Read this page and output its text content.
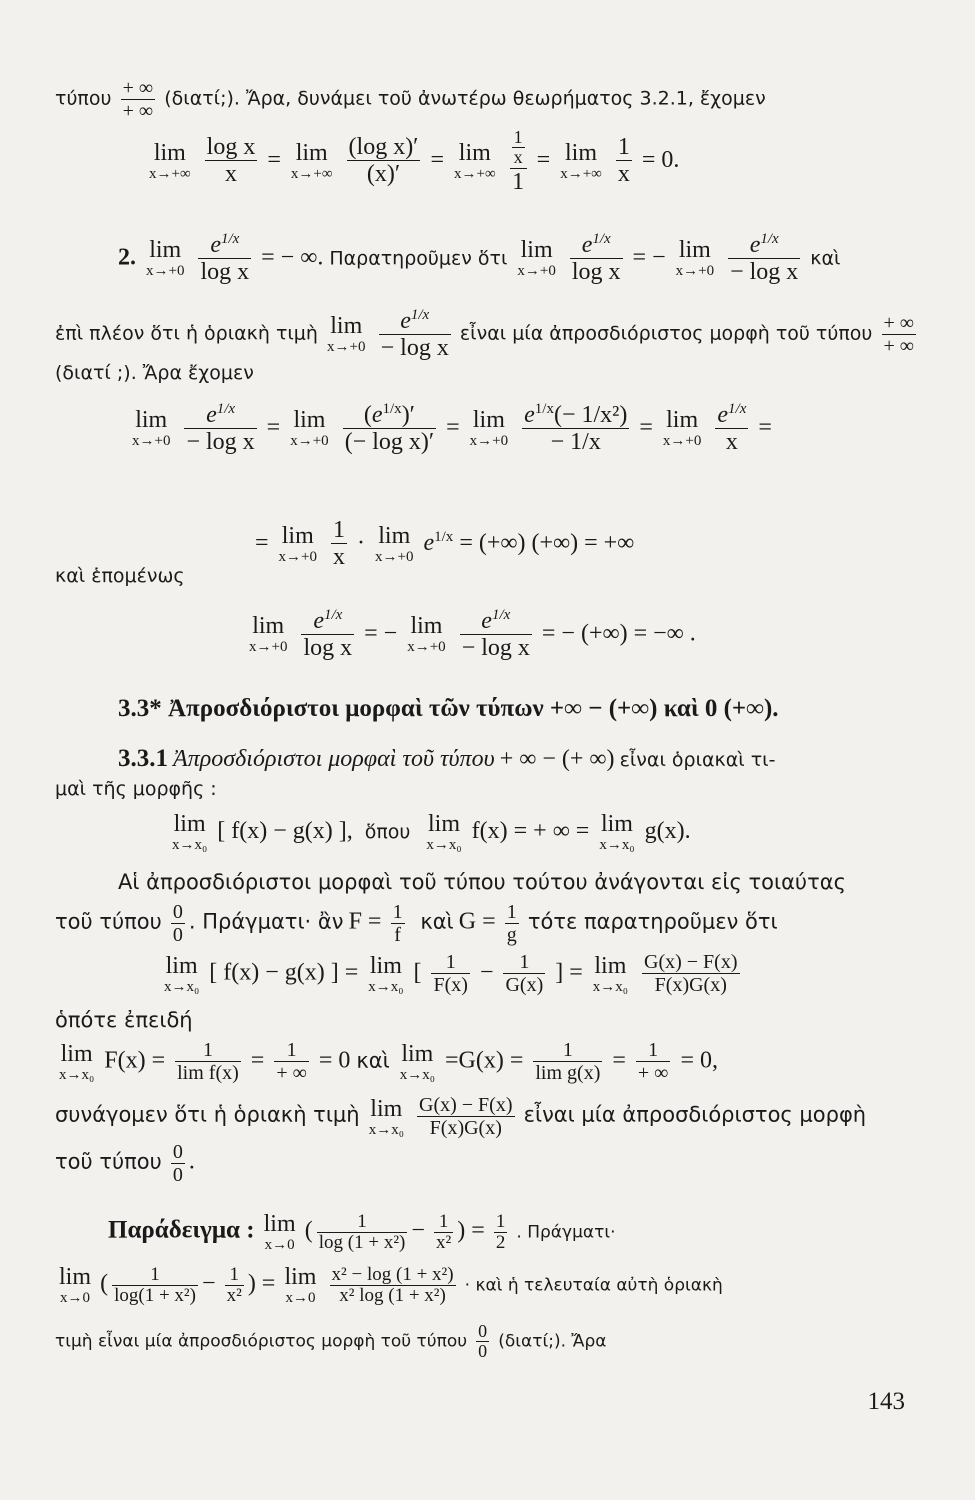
τύπου $\frac{+ \infty}{+ \infty}$ (διατί;). Ἄρα, δυνάμει τοῦ ἀνωτέρω θεωρήματος 3.2.1, ἔχομεν
lim
x→+∞
$\frac{\text{log x}}{x} = \lim$
x→+∞
$\frac{\text{(log x)′}}{(x)'} = \lim$
x→+∞
$\frac{\frac{1}{x}}{1} = \lim$
x→+∞
$\frac{1}{x} = 0$.
2. lim
x→+0
$\frac{e^{1/x}}{\text{log x}}$ = − ∞. Παρατηροῦμεν ὅτι lim
x→+0
$\frac{e^{1/x}}{\text{log x}}$ = − lim
x→+0
$\frac{e^{1/x}}{\text{− log x}}$ καὶ
ἐπὶ πλέον ὅτι ἡ ὁριακὴ τιμὴ lim
x→+0
$\frac{e^{1/x}}{\text{− log x}}$ εἶναι μία ἀπροσδιόριστος μορφὴ τοῦ τύπου $\frac{+ \infty}{+ \infty}$
(διατί ;). Ἄρα ἔχομεν
lim
x→+0
$\frac{e^{1/x}}{\text{− log x}} = \lim$
x→+0
$\frac{(e^{1/x})'}{\text{(− log x)′}} = \lim$
x→+0
$\frac{e^{1/x}(- 1/x^2)}{- 1/x} = \lim$
x→+0
$\frac{e^{1/x}}{x}$ =
= lim
x→+0
$\frac{1}{x} \cdot \lim$
x→+0
$e^{1/x}$ = (+∞) (+∞) = +∞
καὶ ἑπομένως
lim
x→+0
$\frac{e^{1/x}}{\text{log x}}$ = − lim
x→+0
$\frac{e^{1/x}}{\text{− log x}}$ = − (+∞) = −∞ .
3.3* Ἀπροσδιόριστοι μορφαὶ τῶν τύπων +∞ − (+∞) καὶ 0 (+∞).
3.3.1 Ἀπροσδιόριστοι μορφαὶ τοῦ τύπου + ∞ − (+ ∞) εἶναι ὁριακαὶ τι-
μαὶ τῆς μορφῆς :
lim
x→x₀
[ f(x) − g(x) ],  ὅπου lim
x→x₀
f(x) = + ∞ = lim
x→x₀
g(x).
Αἱ ἀπροσδιόριστοι μορφαὶ τοῦ τύπου τούτου ἀνάγονται εἰς τοιαύτας
τοῦ τύπου $\frac{0}{0}$ . Πράγματι· ἂν $F = \frac{1}{f}$ καὶ $G = \frac{1}{g}$ τότε παρατηροῦμεν ὅτι
lim
x→x₀
[ f(x) − g(x) ] = lim
x→x₀
[ $\frac{1}{F(x)} - \frac{1}{G(x)}$ ] = lim
x→x₀
$\frac{G(x) - F(x)}{F(x)G(x)}$
ὁπότε ἐπειδή
lim
x→x₀
$F(x) = \frac{1}{\text{lim f(x)}} = \frac{1}{+ \infty} = 0$ καὶ lim
x→x₀
$=G(x) = \frac{1}{\text{lim g(x)}} = \frac{1}{+ \infty} = 0$,
συνάγομεν ὅτι ἡ ὁριακὴ τιμὴ lim
x→x₀
$\frac{G(x) - F(x)}{F(x)G(x)}$ εἶναι μία ἀπροσδιόριστος μορφὴ
τοῦ τύπου $\frac{0}{0}$ .
Παράδειγμα : lim
x→0
( $\frac{1}{\text{log (1 + x²)}} - \frac{1}{\text{x²}}$ ) = $\frac{1}{2}$ . Πράγματι·
lim
x→0
( $\frac{1}{\text{log(1 + x²)}} - \frac{1}{\text{x²}}$ ) = lim
x→0
$\frac{\text{x² − log (1 + x²)}}{\text{x² log (1 + x²)}}$ · καὶ ἡ τελευταία αὐτὴ ὁριακὴ
τιμὴ εἶναι μία ἀπροσδιόριστος μορφὴ τοῦ τύπου $\frac{0}{0}$ (διατί;). Ἄρα
143
